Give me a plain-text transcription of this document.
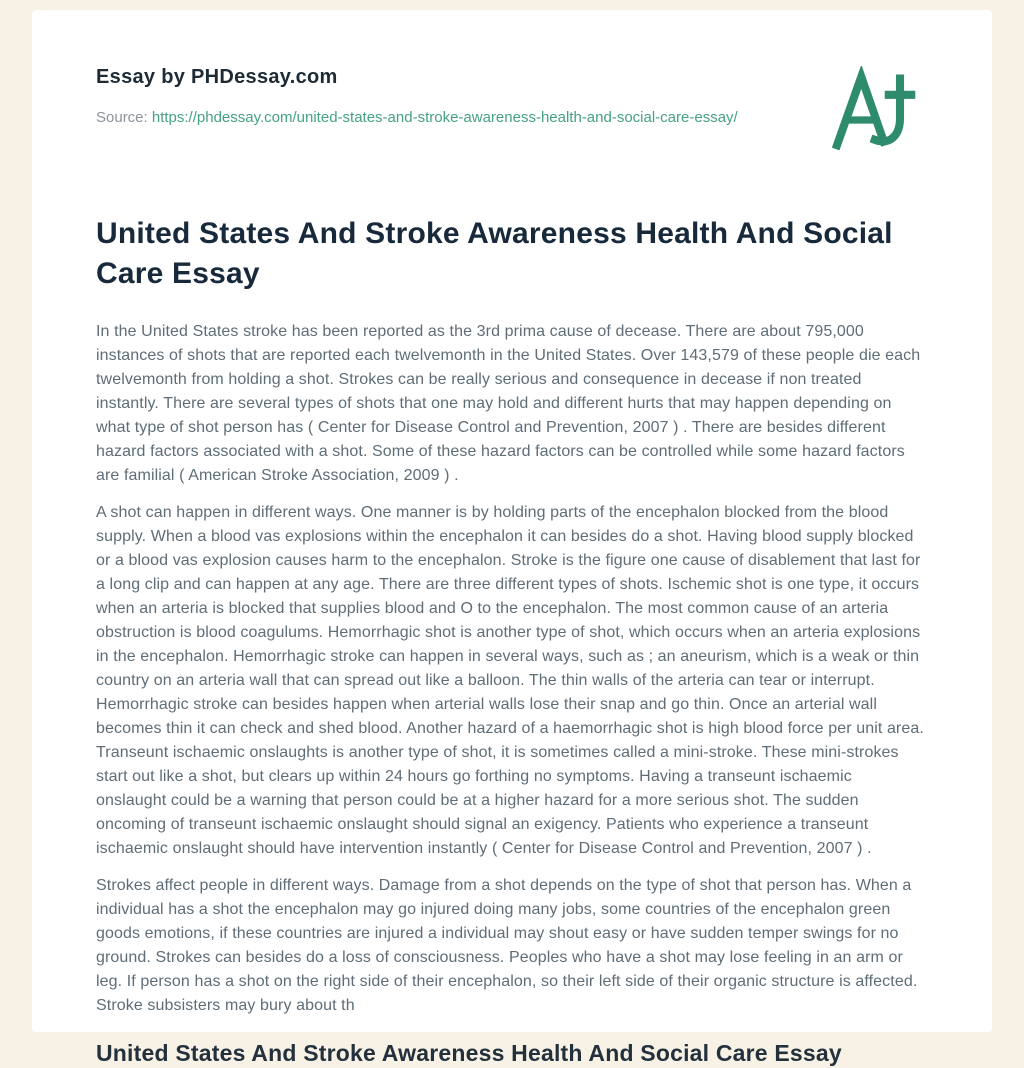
Essay by PHDessay.com

Source: https://phdessay.com/united-states-and-stroke-awareness-health-and-social-care-essay/

United States And Stroke Awareness Health And Social Care Essay

In the United States stroke has been reported as the 3rd prima cause of decease. There are about 795,000 instances of shots that are reported each twelvemonth in the United States. Over 143,579 of these people die each twelvemonth from holding a shot. Strokes can be really serious and consequence in decease if non treated instantly. There are several types of shots that one may hold and different hurts that may happen depending on what type of shot person has ( Center for Disease Control and Prevention, 2007 ) . There are besides different hazard factors associated with a shot. Some of these hazard factors can be controlled while some hazard factors are familial ( American Stroke Association, 2009 ) .

A shot can happen in different ways. One manner is by holding parts of the encephalon blocked from the blood supply. When a blood vas explosions within the encephalon it can besides do a shot. Having blood supply blocked or a blood vas explosion causes harm to the encephalon. Stroke is the figure one cause of disablement that last for a long clip and can happen at any age. There are three different types of shots. Ischemic shot is one type, it occurs when an arteria is blocked that supplies blood and O to the encephalon. The most common cause of an arteria obstruction is blood coagulums. Hemorrhagic shot is another type of shot, which occurs when an arteria explosions in the encephalon. Hemorrhagic stroke can happen in several ways, such as ; an aneurism, which is a weak or thin country on an arteria wall that can spread out like a balloon. The thin walls of the arteria can tear or interrupt. Hemorrhagic stroke can besides happen when arterial walls lose their snap and go thin. Once an arterial wall becomes thin it can check and shed blood. Another hazard of a haemorrhagic shot is high blood force per unit area. Transeunt ischaemic onslaughts is another type of shot, it is sometimes called a mini-stroke. These mini-strokes start out like a shot, but clears up within 24 hours go forthing no symptoms. Having a transeunt ischaemic onslaught could be a warning that person could be at a higher hazard for a more serious shot. The sudden oncoming of transeunt ischaemic onslaught should signal an exigency. Patients who experience a transeunt ischaemic onslaught should have intervention instantly ( Center for Disease Control and Prevention, 2007 ) .

Strokes affect people in different ways. Damage from a shot depends on the type of shot that person has. When a individual has a shot the encephalon may go injured doing many jobs, some countries of the encephalon green goods emotions, if these countries are injured a individual may shout easy or have sudden temper swings for no ground. Strokes can besides do a loss of consciousness. Peoples who have a shot may lose feeling in an arm or leg. If person has a shot on the right side of their encephalon, so their left side of their organic structure is affected. Stroke subsisters may bury about th

United States And Stroke Awareness Health And Social Care Essay
